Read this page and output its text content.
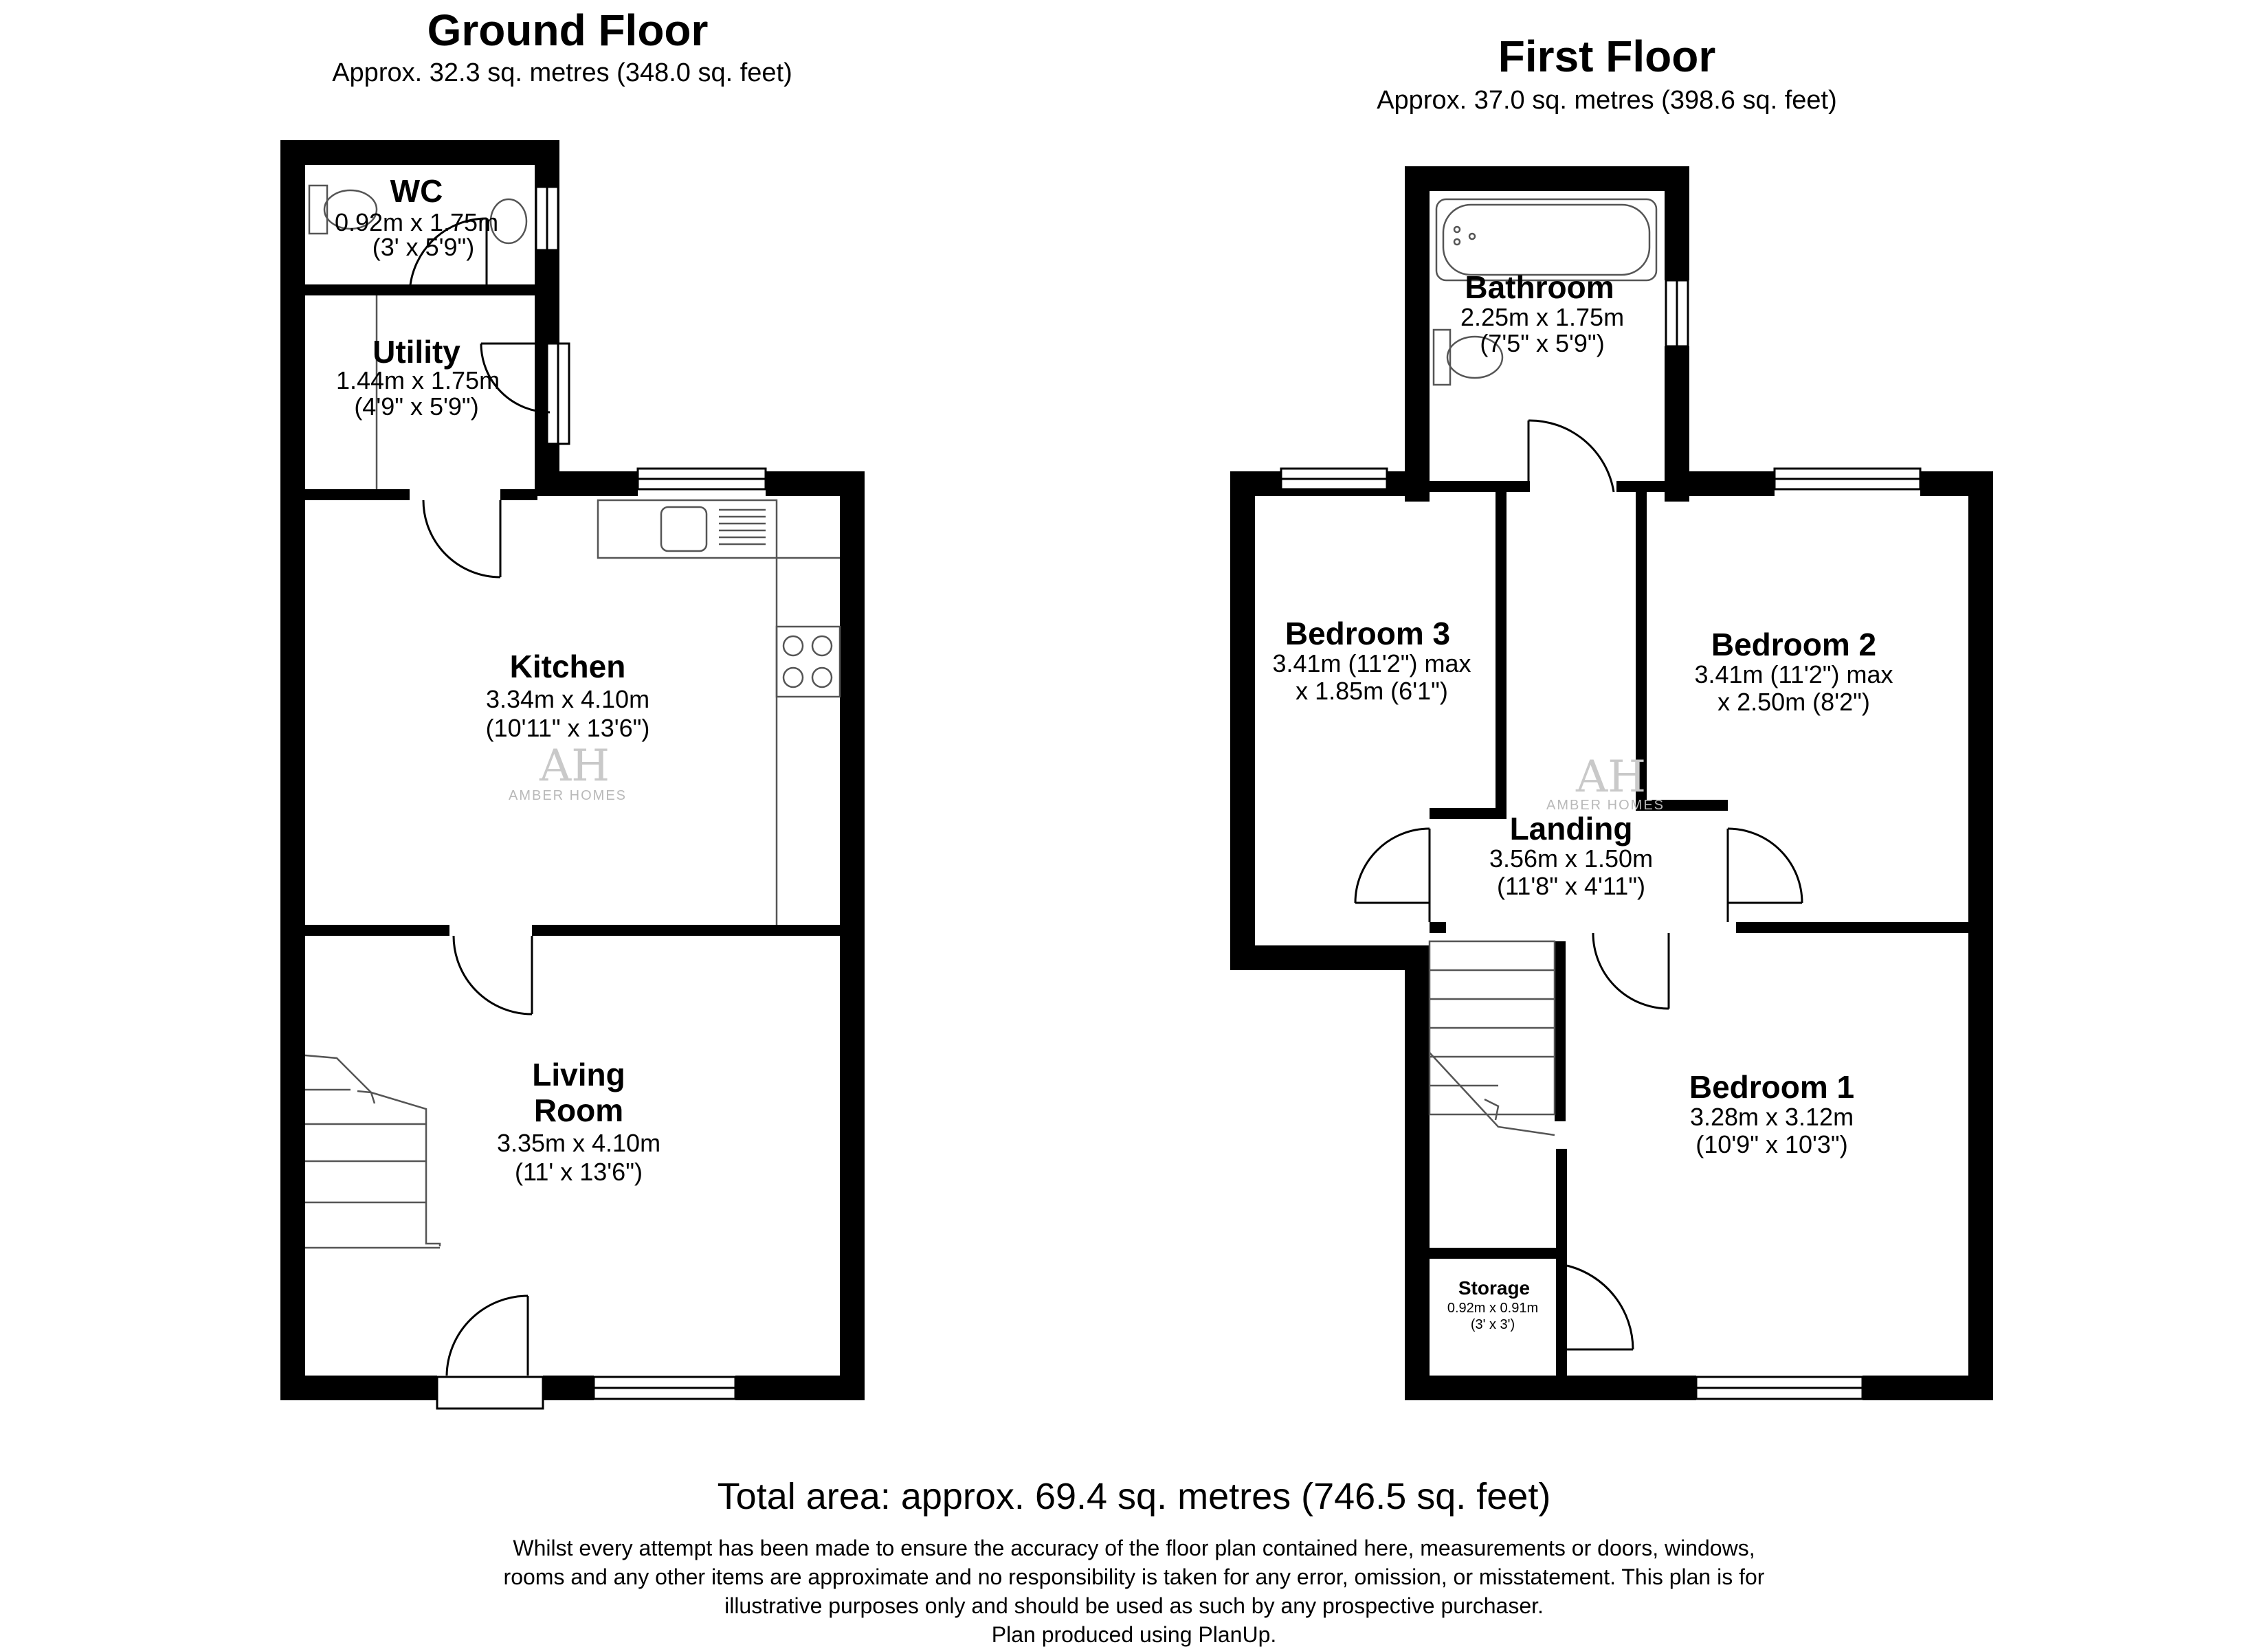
Ground Floor
Approx. 32.3 sq. metres (348.0 sq. feet)
WC
0.92m x 1.75m
(3' x 5'9")
Utility
1.44m x 1.75m
(4'9" x 5'9")
Kitchen
3.34m x 4.10m
(10'11" x 13'6")
Living
Room
3.35m x 4.10m
(11' x 13'6")
AH
AMBER HOMES
First Floor
Approx. 37.0 sq. metres (398.6 sq. feet)
Bathroom
2.25m x 1.75m
(7'5" x 5'9")
Bedroom 3
3.41m (11'2") max
x 1.85m (6'1")
Bedroom 2
3.41m (11'2") max
x 2.50m (8'2")
Landing
3.56m x 1.50m
(11'8" x 4'11")
Bedroom 1
3.28m x 3.12m
(10'9" x 10'3")
Storage
0.92m x 0.91m
(3' x 3')
AH
AMBER HOMES
Total area: approx. 69.4 sq. metres (746.5 sq. feet)
Whilst every attempt has been made to ensure the accuracy of the floor plan contained here, measurements or doors, windows,
rooms and any other items are approximate and no responsibility is taken for any error, omission, or misstatement. This plan is for
illustrative purposes only and should be used as such by any prospective purchaser.
Plan produced using PlanUp.
